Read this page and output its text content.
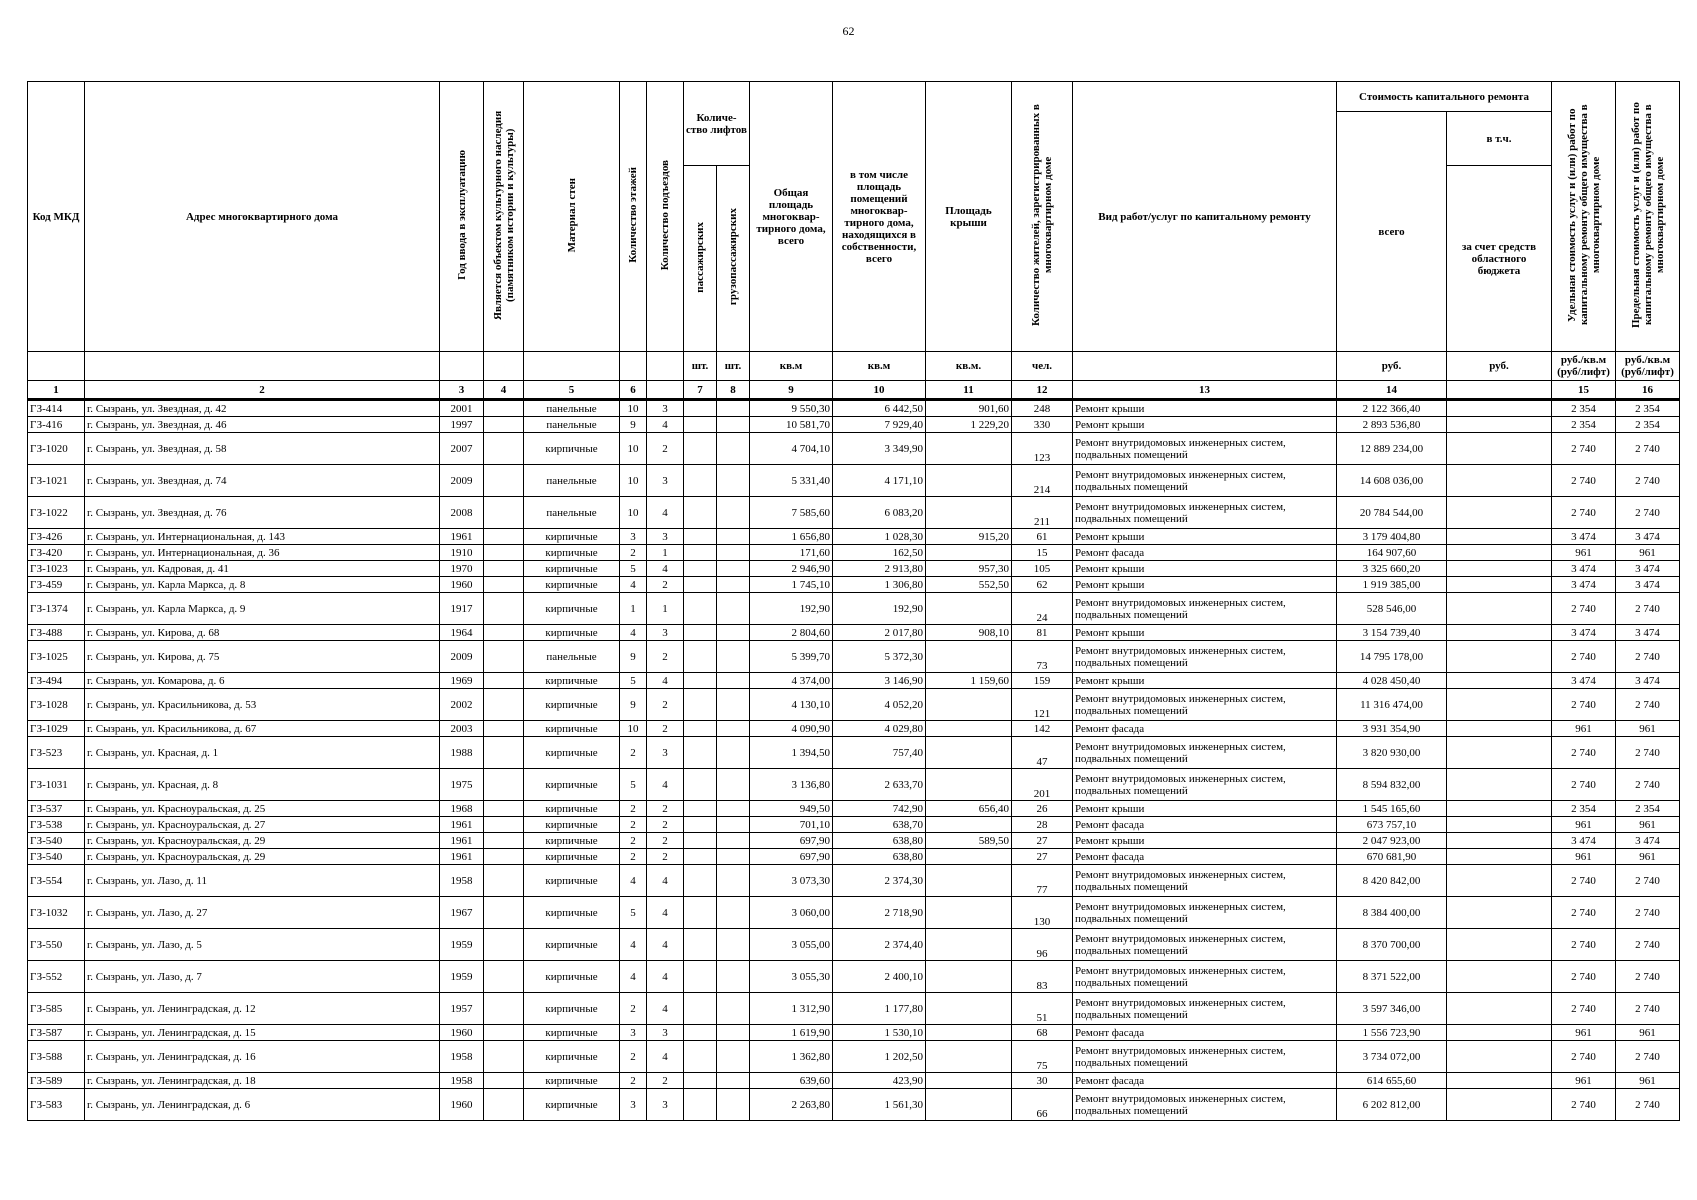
62
Код МКД	Адрес многоквартирного дома	Год ввода в эксплуатацию	Является объектом культурного наследия (памятником истории и культуры)	Материал стен	Количество этажей	Количество подъездов	Количе-ство лифтов		Общая площадь многоквар-тирного дома, всего	в том числе площадь помещений многоквар-тирного дома, находящихся в собственности, всего	Площадь крыши	Количество жителей, зарегистрированных в многоквартирном доме	Вид работ/услуг по капитальному ремонту	Стоимость капитального ремонта		Удельная стоимость услуг и (или) работ по капитальному ремонту общего имущества в многоквартирном доме	Предельная стоимость услуг и (или) работ по капитальному ремонту общего имущества в многоквартирном доме
														всего	в т.ч.		
							пассажирских	грузопассажирских							за счет средств областного бюджета		
							шт.	шт.	кв.м	кв.м	кв.м.	чел.		руб.	руб.	руб./кв.м (руб/лифт)	руб./кв.м (руб/лифт)
1	2	3	4	5	6		7	8	9	10	11	12	13	14		15	16
ГЗ-414	г. Сызрань, ул. Звездная, д. 42	2001		панельные	10	3			9 550,30	6 442,50	901,60	248	Ремонт крыши	2 122 366,40		2 354	2 354
ГЗ-416	г. Сызрань, ул. Звездная, д. 46	1997		панельные	9	4			10 581,70	7 929,40	1 229,20	330	Ремонт крыши	2 893 536,80		2 354	2 354
ГЗ-1020	г. Сызрань, ул. Звездная, д. 58	2007		кирпичные	10	2			4 704,10	3 349,90		123	Ремонт внутридомовых инженерных систем, подвальных помещений	12 889 234,00		2 740	2 740
ГЗ-1021	г. Сызрань, ул. Звездная, д. 74	2009		панельные	10	3			5 331,40	4 171,10		214	Ремонт внутридомовых инженерных систем, подвальных помещений	14 608 036,00		2 740	2 740
ГЗ-1022	г. Сызрань, ул. Звездная, д. 76	2008		панельные	10	4			7 585,60	6 083,20		211	Ремонт внутридомовых инженерных систем, подвальных помещений	20 784 544,00		2 740	2 740
ГЗ-426	г. Сызрань, ул. Интернациональная, д. 143	1961		кирпичные	3	3			1 656,80	1 028,30	915,20	61	Ремонт крыши	3 179 404,80		3 474	3 474
ГЗ-420	г. Сызрань, ул. Интернациональная, д. 36	1910		кирпичные	2	1			171,60	162,50		15	Ремонт фасада	164 907,60		961	961
ГЗ-1023	г. Сызрань, ул. Кадровая, д. 41	1970		кирпичные	5	4			2 946,90	2 913,80	957,30	105	Ремонт крыши	3 325 660,20		3 474	3 474
ГЗ-459	г. Сызрань, ул. Карла Маркса, д. 8	1960		кирпичные	4	2			1 745,10	1 306,80	552,50	62	Ремонт крыши	1 919 385,00		3 474	3 474
ГЗ-1374	г. Сызрань, ул. Карла Маркса, д. 9	1917		кирпичные	1	1			192,90	192,90		24	Ремонт внутридомовых инженерных систем, подвальных помещений	528 546,00		2 740	2 740
ГЗ-488	г. Сызрань, ул. Кирова, д. 68	1964		кирпичные	4	3			2 804,60	2 017,80	908,10	81	Ремонт крыши	3 154 739,40		3 474	3 474
ГЗ-1025	г. Сызрань, ул. Кирова, д. 75	2009		панельные	9	2			5 399,70	5 372,30		73	Ремонт внутридомовых инженерных систем, подвальных помещений	14 795 178,00		2 740	2 740
ГЗ-494	г. Сызрань, ул. Комарова, д. 6	1969		кирпичные	5	4			4 374,00	3 146,90	1 159,60	159	Ремонт крыши	4 028 450,40		3 474	3 474
ГЗ-1028	г. Сызрань, ул. Красильникова, д. 53	2002		кирпичные	9	2			4 130,10	4 052,20		121	Ремонт внутридомовых инженерных систем, подвальных помещений	11 316 474,00		2 740	2 740
ГЗ-1029	г. Сызрань, ул. Красильникова, д. 67	2003		кирпичные	10	2			4 090,90	4 029,80		142	Ремонт фасада	3 931 354,90		961	961
ГЗ-523	г. Сызрань, ул. Красная, д. 1	1988		кирпичные	2	3			1 394,50	757,40		47	Ремонт внутридомовых инженерных систем, подвальных помещений	3 820 930,00		2 740	2 740
ГЗ-1031	г. Сызрань, ул. Красная, д. 8	1975		кирпичные	5	4			3 136,80	2 633,70		201	Ремонт внутридомовых инженерных систем, подвальных помещений	8 594 832,00		2 740	2 740
ГЗ-537	г. Сызрань, ул. Красноуральская, д. 25	1968		кирпичные	2	2			949,50	742,90	656,40	26	Ремонт крыши	1 545 165,60		2 354	2 354
ГЗ-538	г. Сызрань, ул. Красноуральская, д. 27	1961		кирпичные	2	2			701,10	638,70		28	Ремонт фасада	673 757,10		961	961
ГЗ-540	г. Сызрань, ул. Красноуральская, д. 29	1961		кирпичные	2	2			697,90	638,80	589,50	27	Ремонт крыши	2 047 923,00		3 474	3 474
ГЗ-540	г. Сызрань, ул. Красноуральская, д. 29	1961		кирпичные	2	2			697,90	638,80		27	Ремонт фасада	670 681,90		961	961
ГЗ-554	г. Сызрань, ул. Лазо, д. 11	1958		кирпичные	4	4			3 073,30	2 374,30		77	Ремонт внутридомовых инженерных систем, подвальных помещений	8 420 842,00		2 740	2 740
ГЗ-1032	г. Сызрань, ул. Лазо, д. 27	1967		кирпичные	5	4			3 060,00	2 718,90		130	Ремонт внутридомовых инженерных систем, подвальных помещений	8 384 400,00		2 740	2 740
ГЗ-550	г. Сызрань, ул. Лазо, д. 5	1959		кирпичные	4	4			3 055,00	2 374,40		96	Ремонт внутридомовых инженерных систем, подвальных помещений	8 370 700,00		2 740	2 740
ГЗ-552	г. Сызрань, ул. Лазо, д. 7	1959		кирпичные	4	4			3 055,30	2 400,10		83	Ремонт внутридомовых инженерных систем, подвальных помещений	8 371 522,00		2 740	2 740
ГЗ-585	г. Сызрань, ул. Ленинградская, д. 12	1957		кирпичные	2	4			1 312,90	1 177,80		51	Ремонт внутридомовых инженерных систем, подвальных помещений	3 597 346,00		2 740	2 740
ГЗ-587	г. Сызрань, ул. Ленинградская, д. 15	1960		кирпичные	3	3			1 619,90	1 530,10		68	Ремонт фасада	1 556 723,90		961	961
ГЗ-588	г. Сызрань, ул. Ленинградская, д. 16	1958		кирпичные	2	4			1 362,80	1 202,50		75	Ремонт внутридомовых инженерных систем, подвальных помещений	3 734 072,00		2 740	2 740
ГЗ-589	г. Сызрань, ул. Ленинградская, д. 18	1958		кирпичные	2	2			639,60	423,90		30	Ремонт фасада	614 655,60		961	961
ГЗ-583	г. Сызрань, ул. Ленинградская, д. 6	1960		кирпичные	3	3			2 263,80	1 561,30		66	Ремонт внутридомовых инженерных систем, подвальных помещений	6 202 812,00		2 740	2 740
